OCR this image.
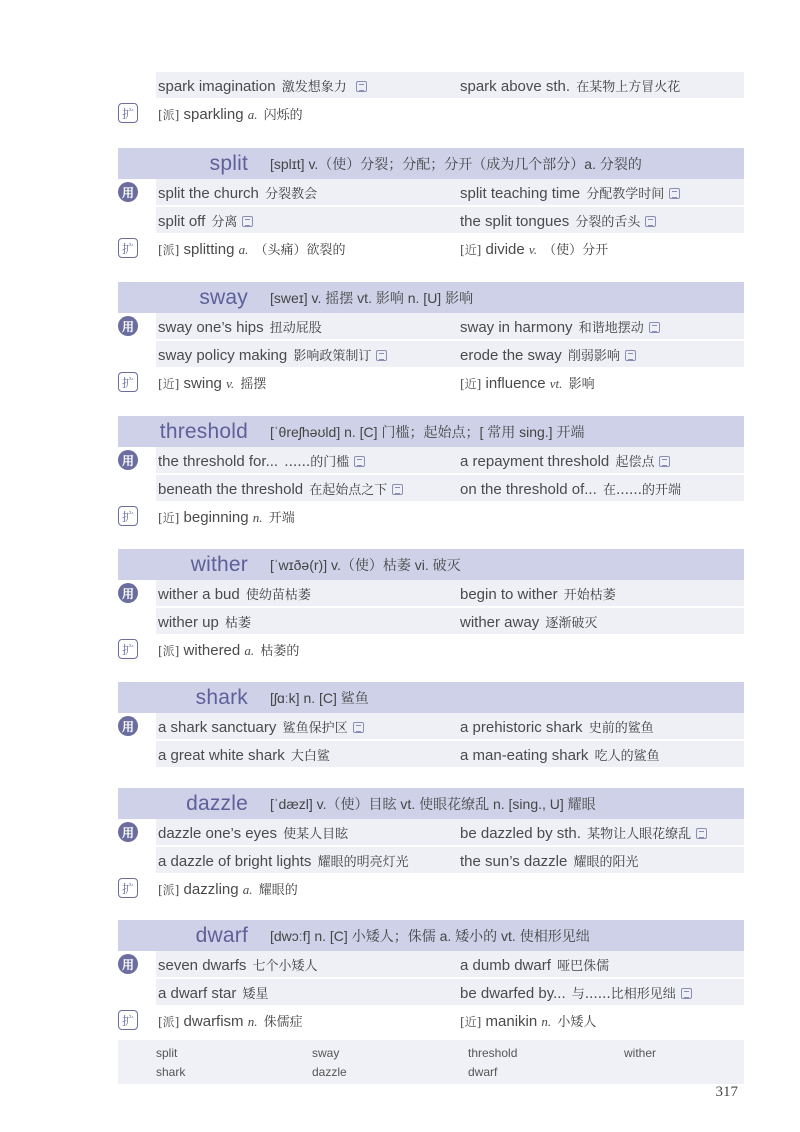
spark imagination 激发想象力	spark above sth. 在某物上方冒火花
扩	[派] sparkling a. 闪烁的
split	[splɪt] v.（使）分裂；分配；分开（成为几个部分）a. 分裂的
用 split the church 分裂教会	split teaching time 分配教学时间
split off 分离	the split tongues 分裂的舌头
扩	[派] splitting a. （头痛）欲裂的	[近] divide v. （使）分开
sway	[sweɪ] v. 摇摆 vt. 影响 n. [U] 影响
用 sway one’s hips 扭动屁股	sway in harmony 和谐地摆动
sway policy making 影响政策制订	erode the sway 削弱影响
扩	[近] swing v. 摇摆	[近] influence vt. 影响
threshold	[ˈθreʃhəʊld] n. [C] 门槛；起始点；[ 常用 sing.] 开端
用 the threshold for... ……的门槛	a repayment threshold 起偿点
beneath the threshold 在起始点之下	on the threshold of... 在……的开端
扩	[近] beginning n. 开端
wither	[ˈwɪðə(r)] v.（使）枯萎 vi. 破灭
用 wither a bud 使幼苗枯萎	begin to wither 开始枯萎
wither up 枯萎	wither away 逐渐破灭
扩	[派] withered a. 枯萎的
shark	[ʃɑːk] n. [C] 鲨鱼
用 a shark sanctuary 鲨鱼保护区	a prehistoric shark 史前的鲨鱼
a great white shark 大白鲨	a man-eating shark 吃人的鲨鱼
dazzle	[ˈdæzl] v.（使）目眩 vt. 使眼花缭乱 n. [sing., U] 耀眼
用 dazzle one’s eyes 使某人目眩	be dazzled by sth. 某物让人眼花缭乱
a dazzle of bright lights 耀眼的明亮灯光	the sun’s dazzle 耀眼的阳光
扩	[派] dazzling a. 耀眼的
dwarf	[dwɔːf] n. [C] 小矮人；侏儒 a. 矮小的 vt. 使相形见绌
用 seven dwarfs 七个小矮人	a dumb dwarf 哑巴侏儒
a dwarf star 矮星	be dwarfed by... 与……比相形见绌
扩	[派] dwarfism n. 侏儒症	[近] manikin n. 小矮人
split	sway	threshold	wither
shark	dazzle	dwarf
317
